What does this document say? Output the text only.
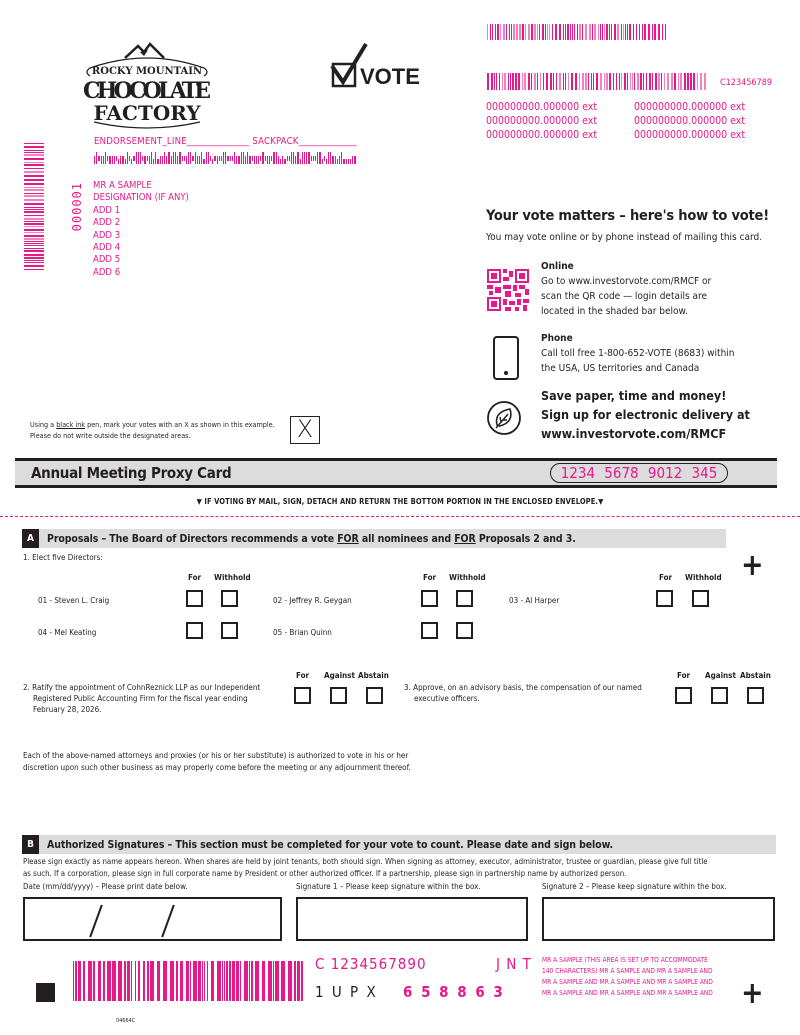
ROCKY MOUNTAIN
CHOCOLATE
FACTORY
VOTE	C123456789
000000000.000000 ext	000000000.000000 ext
000000000.000000 ext	000000000.000000 ext
000000000.000000 ext	000000000.000000 ext
ENDORSEMENT_LINE______________ SACKPACK_____________
000001 MR A SAMPLE
DESIGNATION (IF ANY)
ADD 1
ADD 2
ADD 3
ADD 4
ADD 5
ADD 6
Your vote matters – here's how to vote!
You may vote online or by phone instead of mailing this card.
Online
Go to www.investorvote.com/RMCF or
scan the QR code — login details are
located in the shaded bar below.
Phone
Call toll free 1-800-652-VOTE (8683) within
the USA, US territories and Canada
Save paper, time and money!
Sign up for electronic delivery at
www.investorvote.com/RMCF
Using a black ink pen, mark your votes with an X as shown in this example.
Please do not write outside the designated areas.	X
Annual Meeting Proxy Card	1234 5678 9012 345
▼ IF VOTING BY MAIL, SIGN, DETACH AND RETURN THE BOTTOM PORTION IN THE ENCLOSED ENVELOPE.▼
A	Proposals – The Board of Directors recommends a vote FOR all nominees and FOR Proposals 2 and 3.
+
1. Elect five Directors:
For Withhold	For Withhold	For Withhold
01 - Steven L. Craig	02 - Jeffrey R. Geygan	03 - Al Harper
04 - Mel Keating	05 - Brian Quinn
2. Ratify the appointment of CohnReznick LLP as our Independent
Registered Public Accounting Firm for the fiscal year ending
February 28, 2026.
For Against Abstain
3. Approve, on an advisory basis, the compensation of our named
executive officers.
For Against Abstain
Each of the above-named attorneys and proxies (or his or her substitute) is authorized to vote in his or her
discretion upon such other business as may properly come before the meeting or any adjournment thereof.
B	Authorized Signatures – This section must be completed for your vote to count. Please date and sign below.
Please sign exactly as name appears hereon. When shares are held by joint tenants, both should sign. When signing as attorney, executor, administrator, trustee or guardian, please give full title
as such. If a corporation, please sign in full corporate name by President or other authorized officer. If a partnership, please sign in partnership name by authorized person.
Date (mm/dd/yyyy) – Please print date below.	Signature 1 – Please keep signature within the box.	Signature 2 – Please keep signature within the box.
C 1234567890	J N T
1 U P X 6 5 8 8 6 3
MR A SAMPLE (THIS AREA IS SET UP TO ACCOMMODATE
140 CHARACTERS) MR A SAMPLE AND MR A SAMPLE AND
MR A SAMPLE AND MR A SAMPLE AND MR A SAMPLE AND
MR A SAMPLE AND MR A SAMPLE AND MR A SAMPLE AND +
04664C
